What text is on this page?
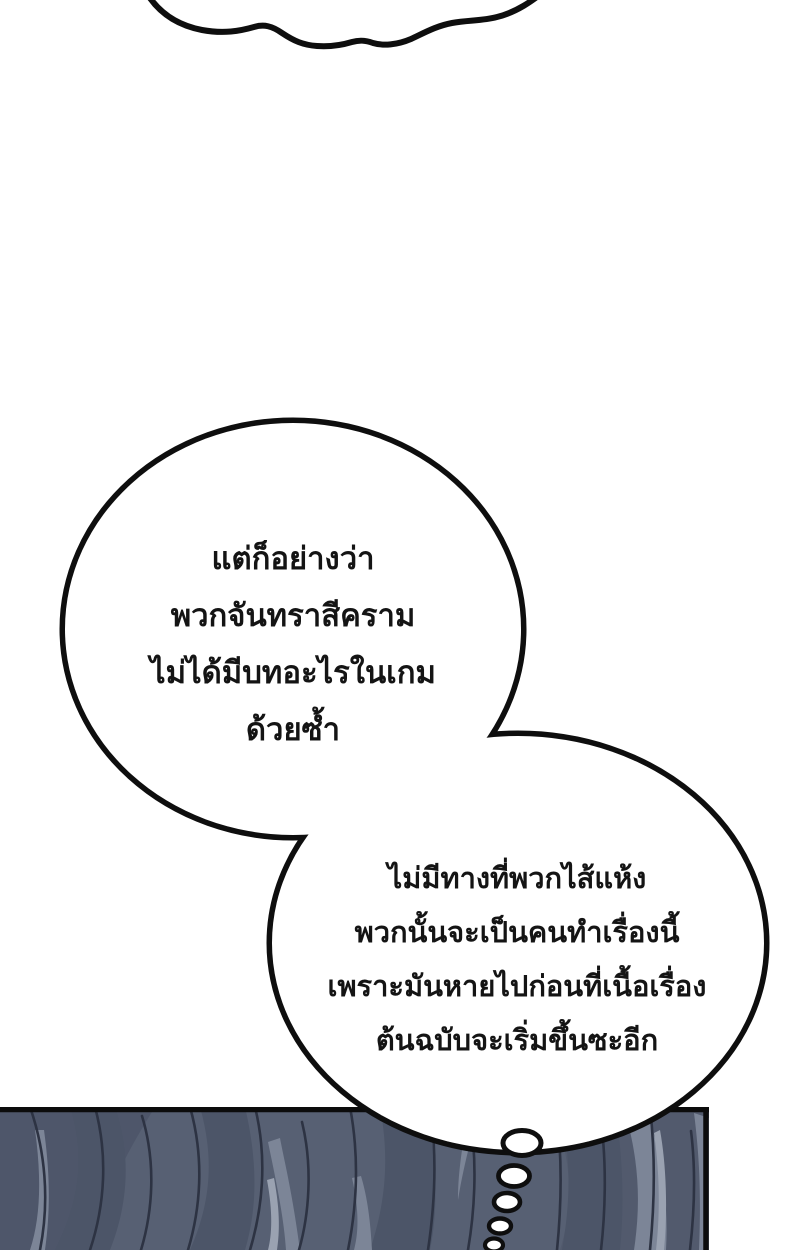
แต่ก็อย่างว่า
พวกจันทราสีคราม
ไม่ได้มีบทอะไรในเกม
ด้วยซ้ำ
ไม่มีทางที่พวกไส้แห้ง
พวกนั้นจะเป็นคนทำเรื่องนี้
เพราะมันหายไปก่อนที่เนื้อเรื่อง
ต้นฉบับจะเริ่มขึ้นซะอีก
